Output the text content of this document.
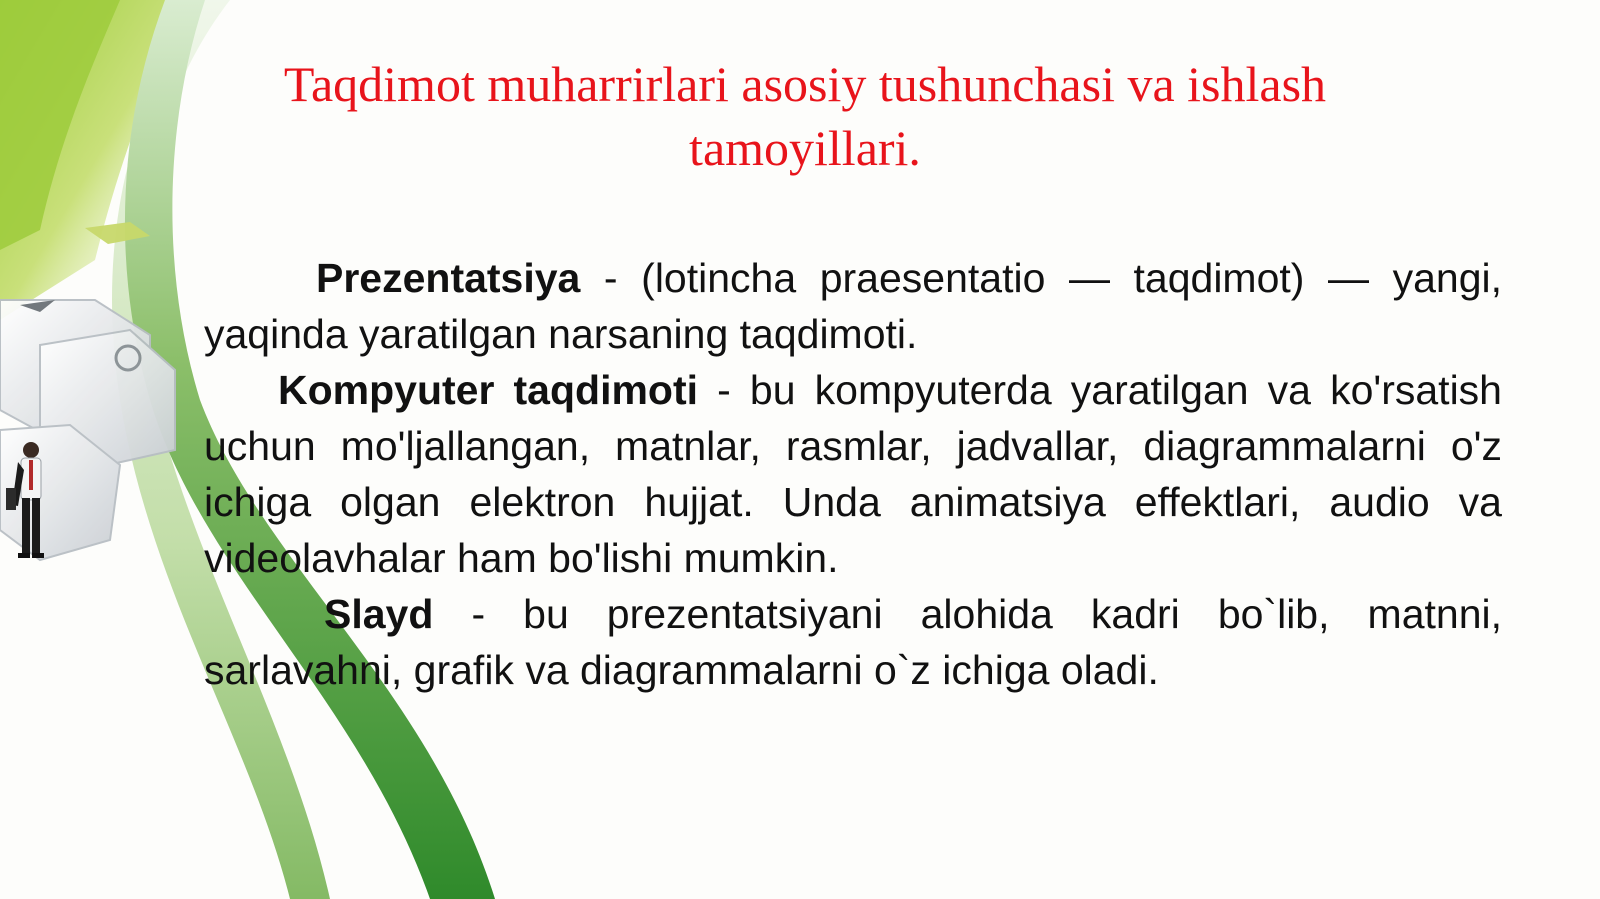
Taqdimot muharrirlari asosiy tushunchasi va ishlash tamoyillari.

Prezentatsiya - (lotincha praesentatio — taqdimot) — yangi, yaqinda yaratilgan narsaning taqdimoti.

Kompyuter taqdimoti - bu kompyuterda yaratilgan va ko'rsatish uchun mo'ljallangan, matnlar, rasmlar, jadvallar, diagrammalarni o'z ichiga olgan elektron hujjat. Unda animatsiya effektlari, audio va videolavhalar ham bo'lishi mumkin.

Slayd - bu prezentatsiyani alohida kadri bo`lib, matnni, sarlavahni, grafik va diagrammalarni o`z ichiga oladi.
